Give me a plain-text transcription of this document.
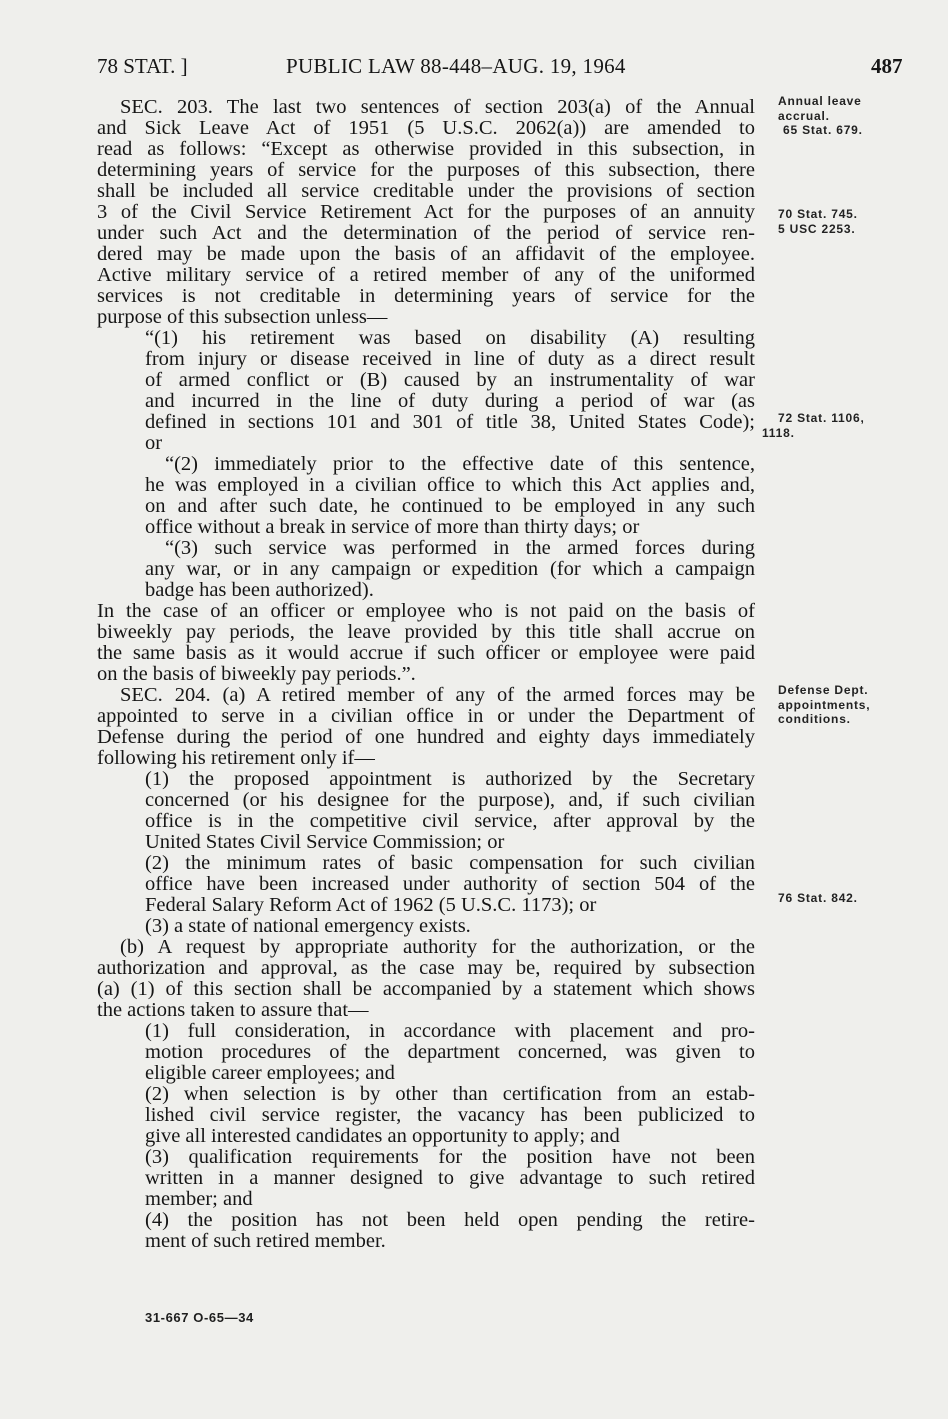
78 STAT. ]	PUBLIC LAW 88-448–AUG. 19, 1964	487
SEC. 203. The last two sentences of section 203(a) of the Annual
and Sick Leave Act of 1951 (5 U.S.C. 2062(a)) are amended to
read as follows: “Except as otherwise provided in this subsection, in
determining years of service for the purposes of this subsection, there
shall be included all service creditable under the provisions of section
3 of the Civil Service Retirement Act for the purposes of an annuity
under such Act and the determination of the period of service ren-
dered may be made upon the basis of an affidavit of the employee.
Active military service of a retired member of any of the uniformed
services is not creditable in determining years of service for the
purpose of this subsection unless—
“(1) his retirement was based on disability (A) resulting
from injury or disease received in line of duty as a direct result
of armed conflict or (B) caused by an instrumentality of war
and incurred in the line of duty during a period of war (as
defined in sections 101 and 301 of title 38, United States Code);
or
“(2) immediately prior to the effective date of this sentence,
he was employed in a civilian office to which this Act applies and,
on and after such date, he continued to be employed in any such
office without a break in service of more than thirty days; or
“(3) such service was performed in the armed forces during
any war, or in any campaign or expedition (for which a campaign
badge has been authorized).
In the case of an officer or employee who is not paid on the basis of
biweekly pay periods, the leave provided by this title shall accrue on
the same basis as it would accrue if such officer or employee were paid
on the basis of biweekly pay periods.”.
SEC. 204. (a) A retired member of any of the armed forces may be
appointed to serve in a civilian office in or under the Department of
Defense during the period of one hundred and eighty days immediately
following his retirement only if—
(1) the proposed appointment is authorized by the Secretary
concerned (or his designee for the purpose), and, if such civilian
office is in the competitive civil service, after approval by the
United States Civil Service Commission; or
(2) the minimum rates of basic compensation for such civilian
office have been increased under authority of section 504 of the
Federal Salary Reform Act of 1962 (5 U.S.C. 1173); or
(3) a state of national emergency exists.
(b) A request by appropriate authority for the authorization, or the
authorization and approval, as the case may be, required by subsection
(a) (1) of this section shall be accompanied by a statement which shows
the actions taken to assure that—
(1) full consideration, in accordance with placement and pro-
motion procedures of the department concerned, was given to
eligible career employees; and
(2) when selection is by other than certification from an estab-
lished civil service register, the vacancy has been publicized to
give all interested candidates an opportunity to apply; and
(3) qualification requirements for the position have not been
written in a manner designed to give advantage to such retired
member; and
(4) the position has not been held open pending the retire-
ment of such retired member.
Annual leave
accrual.
65 Stat. 679.
70 Stat. 745.
5 USC 2253.
72 Stat. 1106,
1118.
Defense Dept.
appointments,
conditions.
76 Stat. 842.
31-667 O-65—34
